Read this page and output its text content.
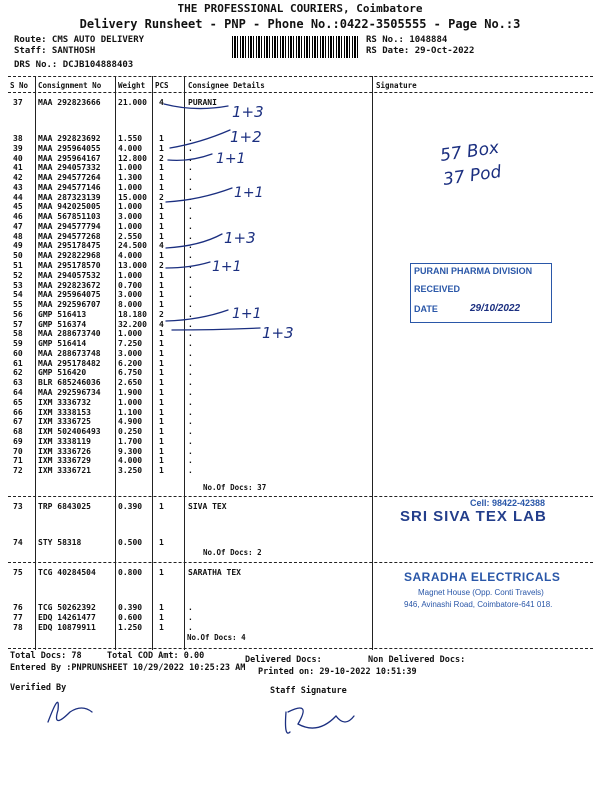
THE PROFESSIONAL COURIERS, Coimbatore
Delivery Runsheet - PNP - Phone No.:0422-3505555 - Page No.:3
Route: CMS AUTO DELIVERY
Staff: SANTHOSH
DRS No.: DCJB104888403
RS No.: 1048884
RS Date: 29-Oct-2022
S No Consignment No Weight PCS	Consignee Details	Signature
37 MAA 292823666 21.000 4	PURANI
38 MAA 292823692 1.550 1	.
39 MAA 295964055 4.000 1	.
40 MAA 295964167 12.800 2	.
41 MAA 294057332 1.000 1	.
42 MAA 294577264 1.300 1	.
43 MAA 294577146 1.000 1	.
44 MAA 287323139 15.000 2	.
45 MAA 942025005 1.000 1	.
46 MAA 567851103 3.000 1	.
47 MAA 294577794 1.000 1	.
48 MAA 294577268 2.550 1	.
49 MAA 295178475 24.500 4	.
50 MAA 292822968 4.000 1	.
51 MAA 295178570 13.000 2	.
52 MAA 294057532 1.000 1	.
53 MAA 292823672 0.700 1	.
54 MAA 295964075 3.000 1	.
55 MAA 292596707 8.000 1	.
56 GMP 516413	18.180 2	.
57 GMP 516374	32.200 4	.
58 MAA 288673740 1.000 1	.
59 GMP 516414	7.250 1	.
60 MAA 288673748 3.000 1	.
61 MAA 295178482 6.200 1	.
62 GMP 516420	6.750 1	.
63 BLR 685246036 2.650 1	.
64 MAA 292596734 1.900 1	.
65 IXM 3336732	1.000 1	.
66 IXM 3338153	1.100 1	.
67 IXM 3336725	4.900 1	.
68 IXM 502406493 0.250 1	.
69 IXM 3338119	1.700 1	.
70 IXM 3336726	9.300 1	.
71 IXM 3336729	4.000 1	.
72 IXM 3336721	3.250 1	.
73 TRP 6843025	0.390 1	SIVA TEX
74 STY 58318	0.500 1
75 TCG 40284504	0.800 1	SARATHA TEX
76 TCG 50262392	0.390 1	.
77 EDQ 14261477	0.600 1	.
78 EDQ 10879911	1.250 1	.
No.Of Docs: 37
No.Of Docs: 2
No.Of Docs: 4
Total Docs: 78	Total COD Amt: 0.00	Delivered Docs:	Non Delivered Docs:
Entered By :PNPRUNSHEET 10/29/2022 10:25:23 AM Printed on: 29-10-2022 10:51:39
Verified By	Staff Signature
1+3
1+2
1+1
1+1
1+3
1+1
1+1
1+3
57 Box
37 Pod
PURANI PHARMA DIVISION
RECEIVED
DATE	29/10/2022
Cell: 98422-42388
SRI SIVA TEX LAB
SARADHA ELECTRICALS
Magnet House (Opp. Conti Travels)
946, Avinashi Road, Coimbatore-641 018.
